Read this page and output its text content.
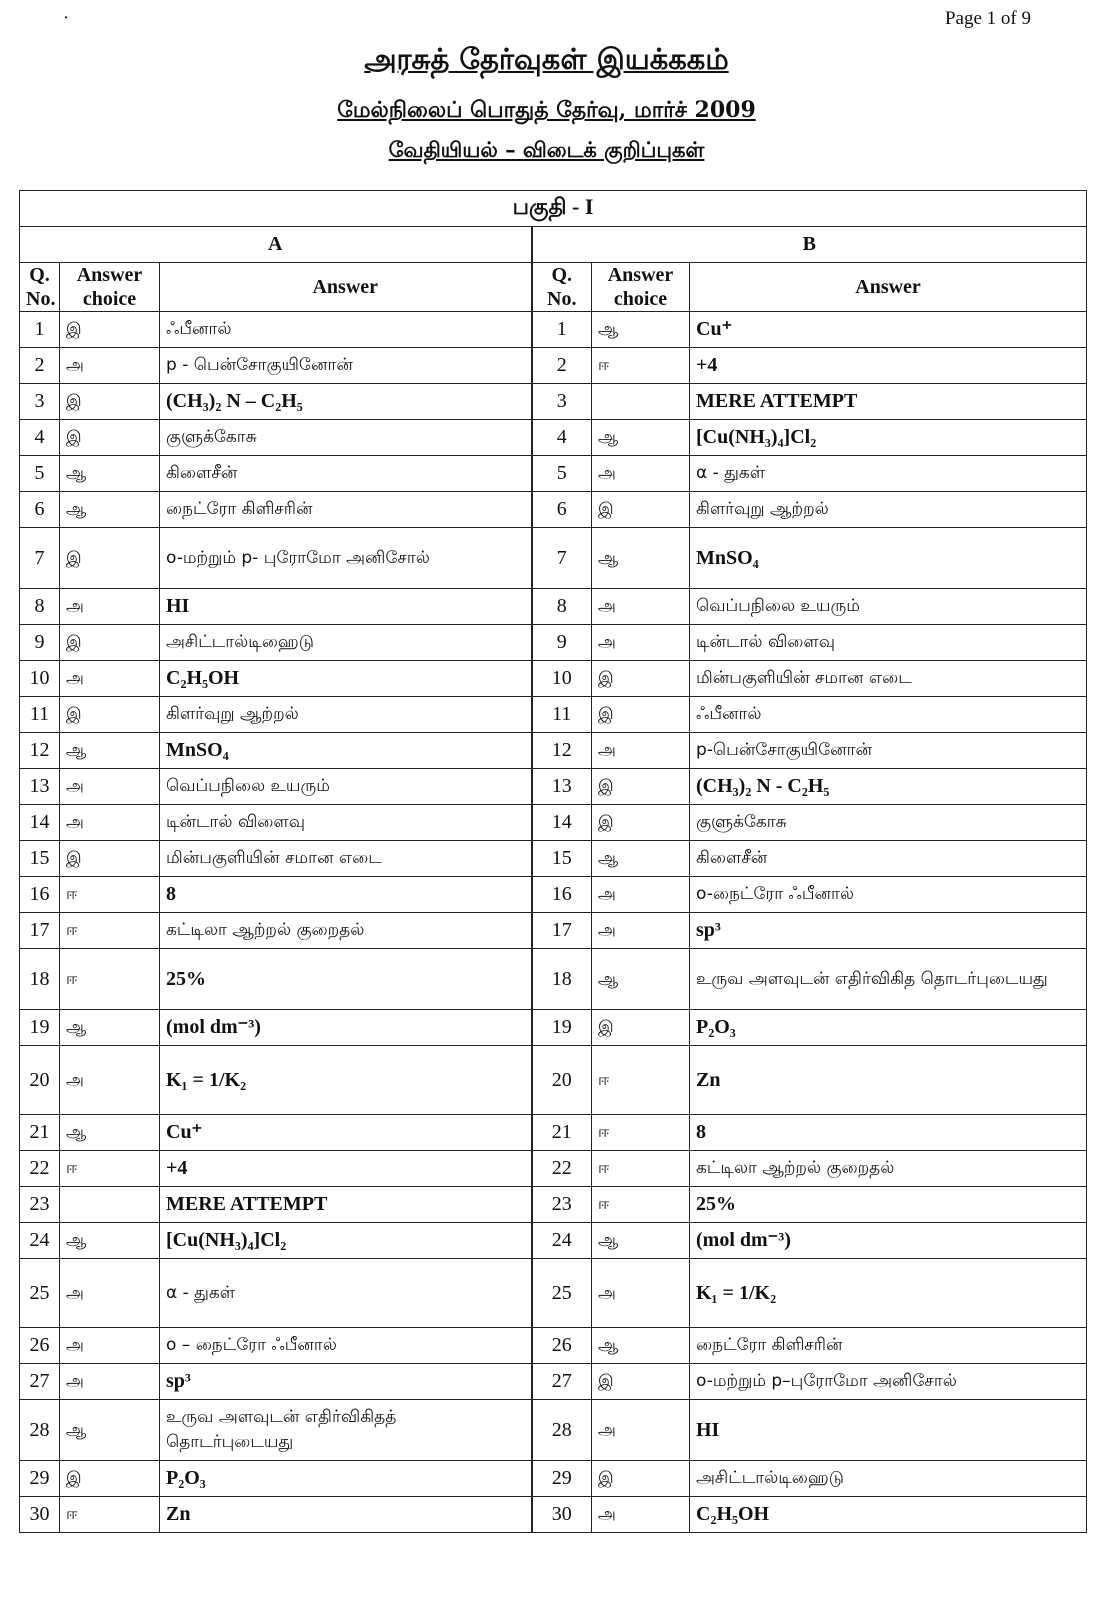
˙	Page 1 of 9
அரசுத் தேர்வுகள் இயக்ககம்
மேல்நிலைப் பொதுத் தேர்வு, மார்ச் 2009
வேதியியல் – விடைக் குறிப்புகள்
பகுதி - I					
A			B		
Q. No.	Answer choice	Answer	Q. No.	Answer choice	Answer
1	இ	ஃபீனால்	1	ஆ	Cu⁺
2	அ	p - பென்சோகுயினோன்	2	ஈ	+4
3	இ	(CH₃)₂ N – C₂H₅	3		MERE ATTEMPT
4	இ	குளுக்கோசு	4	ஆ	[Cu(NH₃)₄]Cl₂
5	ஆ	கிளைசீன்	5	அ	α - துகள்
6	ஆ	நைட்ரோ கிளிசரின்	6	இ	கிளர்வுறு ஆற்றல்
7	இ	o-மற்றும் p- புரோமோ அனிசோல்	7	ஆ	MnSO₄
8	அ	HI	8	அ	வெப்பநிலை உயரும்
9	இ	அசிட்டால்டிஹைடு	9	அ	டின்டால் விளைவு
10	அ	C₂H₅OH	10	இ	மின்பகுளியின் சமான எடை
11	இ	கிளர்வுறு ஆற்றல்	11	இ	ஃபீனால்
12	ஆ	MnSO₄	12	அ	p-பென்சோகுயினோன்
13	அ	வெப்பநிலை உயரும்	13	இ	(CH₃)₂ N - C₂H₅
14	அ	டின்டால் விளைவு	14	இ	குளுக்கோசு
15	இ	மின்பகுளியின் சமான எடை	15	ஆ	கிளைசீன்
16	ஈ	8	16	அ	o-நைட்ரோ ஃபீனால்
17	ஈ	கட்டிலா ஆற்றல் குறைதல்	17	அ	sp³
18	ஈ	25%	18	ஆ	உருவ அளவுடன் எதிர்விகித தொடர்புடையது
19	ஆ	(mol dm⁻³)	19	இ	P₂O₃
20	அ	K₁ = 1/K₂	20	ஈ	Zn
21	ஆ	Cu⁺	21	ஈ	8
22	ஈ	+4	22	ஈ	கட்டிலா ஆற்றல் குறைதல்
23		MERE ATTEMPT	23	ஈ	25%
24	ஆ	[Cu(NH₃)₄]Cl₂	24	ஆ	(mol dm⁻³)
25	அ	α - துகள்	25	அ	K₁ = 1/K₂
26	அ	o – நைட்ரோ ஃபீனால்	26	ஆ	நைட்ரோ கிளிசரின்
27	அ	sp³	27	இ	o-மற்றும் p–புரோமோ அனிசோல்
28	ஆ	உருவ அளவுடன் எதிர்விகிதத் தொடர்புடையது	28	அ	HI
29	இ	P₂O₃	29	இ	அசிட்டால்டிஹைடு
30	ஈ	Zn	30	அ	C₂H₅OH
